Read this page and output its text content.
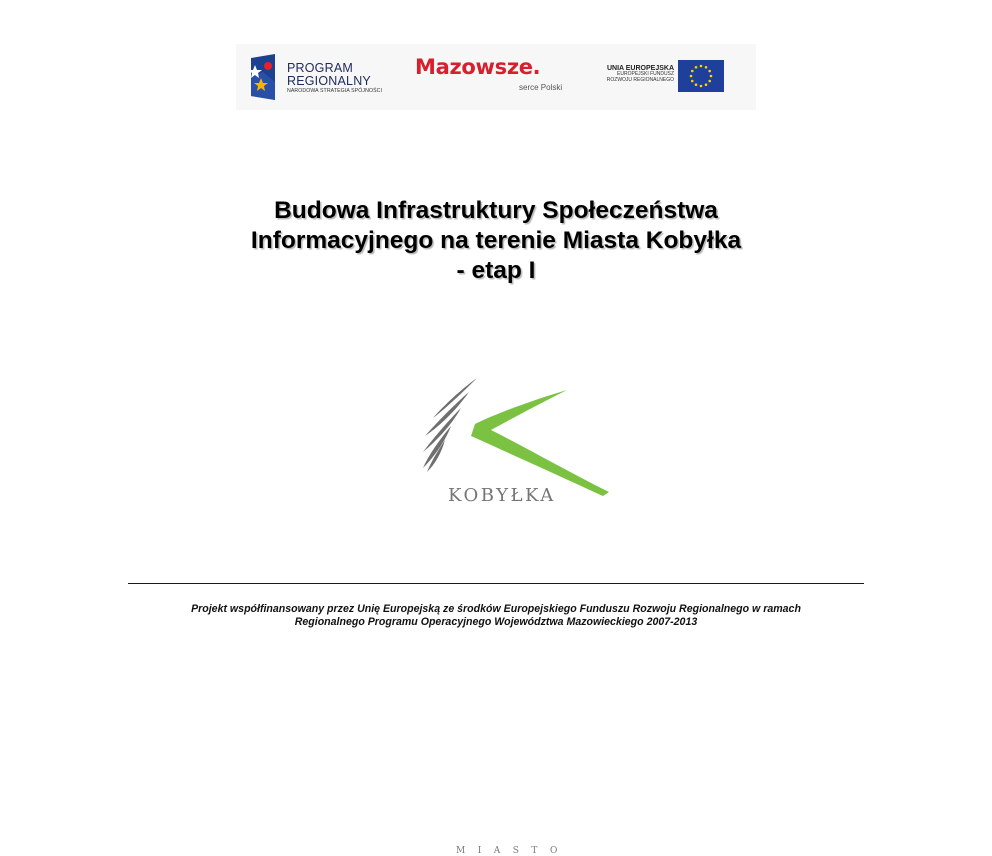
PROGRAM
REGIONALNY
NARODOWA STRATEGIA SPÓJNOŚCI
Mazowsze.
serce Polski
UNIA EUROPEJSKA
EUROPEJSKI FUNDUSZ
ROZWOJU REGIONALNEGO
Budowa Infrastruktury Społeczeństwa
Informacyjnego na terenie Miasta Kobyłka
- etap I
MIASTO
KOBYŁKA
Projekt współfinansowany przez Unię Europejską ze środków Europejskiego Funduszu Rozwoju Regionalnego w ramach
Regionalnego Programu Operacyjnego Województwa Mazowieckiego 2007-2013
